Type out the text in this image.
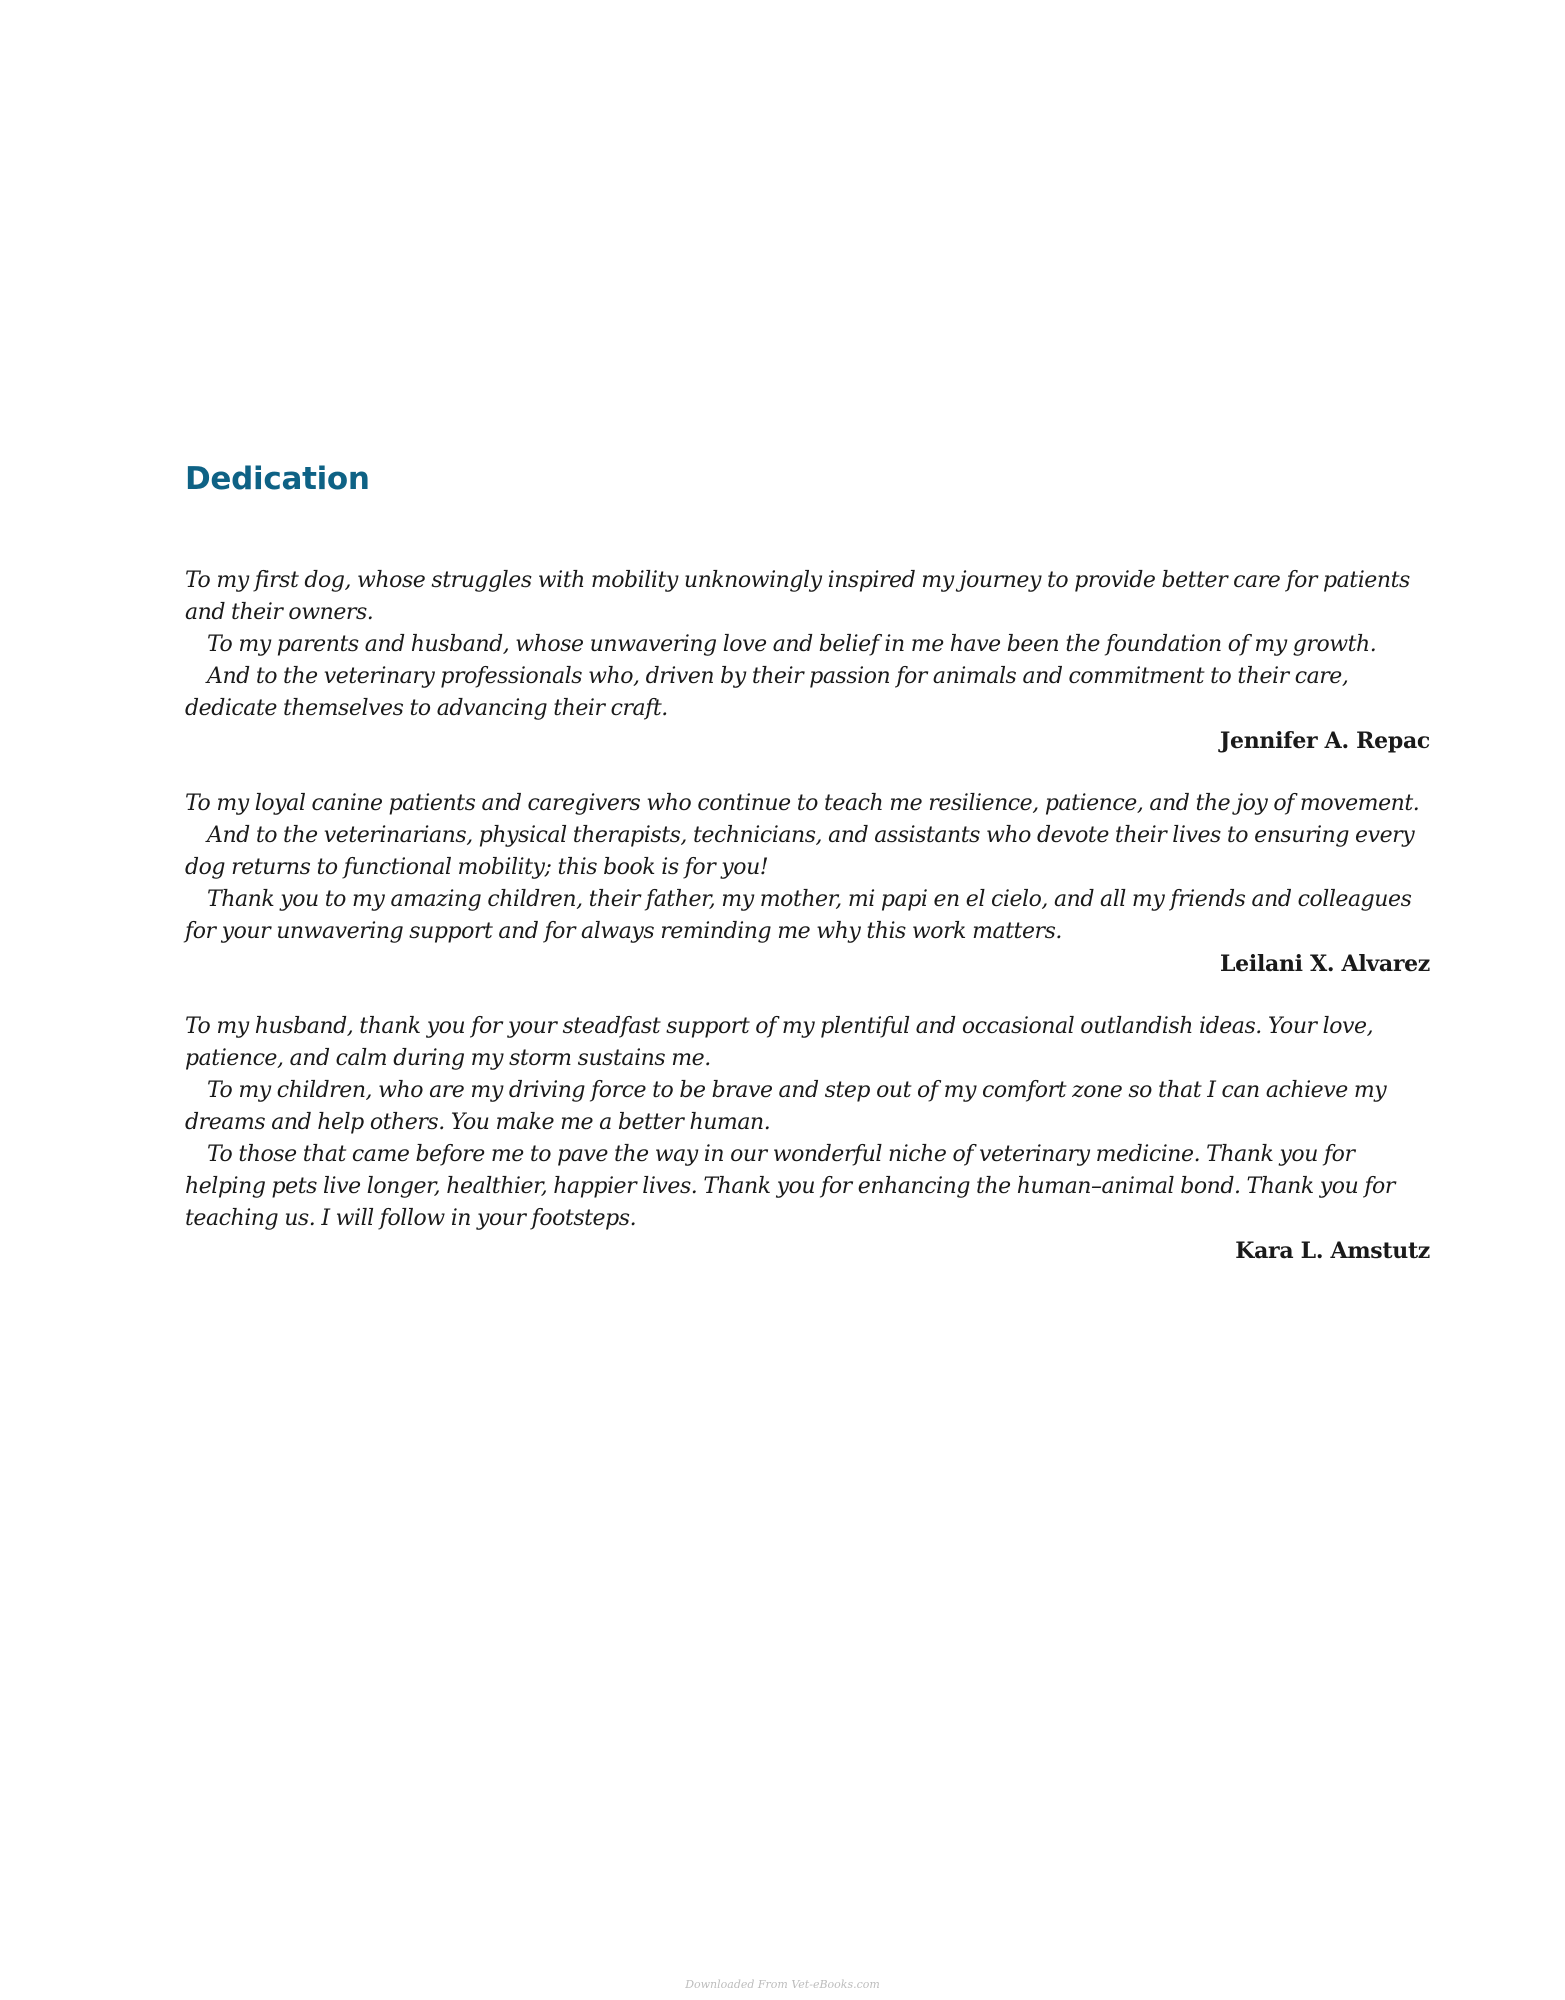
Dedication

To my first dog, whose struggles with mobility unknowingly inspired my journey to provide better care for patients and their owners.

To my parents and husband, whose unwavering love and belief in me have been the foundation of my growth.

And to the veterinary professionals who, driven by their passion for animals and commitment to their care, dedicate themselves to advancing their craft.

Jennifer A. Repac

To my loyal canine patients and caregivers who continue to teach me resilience, patience, and the joy of movement.

And to the veterinarians, physical therapists, technicians, and assistants who devote their lives to ensuring every dog returns to functional mobility; this book is for you!

Thank you to my amazing children, their father, my mother, mi papi en el cielo, and all my friends and colleagues for your unwavering support and for always reminding me why this work matters.

Leilani X. Alvarez

To my husband, thank you for your steadfast support of my plentiful and occasional outlandish ideas. Your love, patience, and calm during my storm sustains me.

To my children, who are my driving force to be brave and step out of my comfort zone so that I can achieve my dreams and help others. You make me a better human.

To those that came before me to pave the way in our wonderful niche of veterinary medicine. Thank you for helping pets live longer, healthier, happier lives. Thank you for enhancing the human–animal bond. Thank you for teaching us. I will follow in your footsteps.

Kara L. Amstutz

Downloaded From Vet-eBooks.com
